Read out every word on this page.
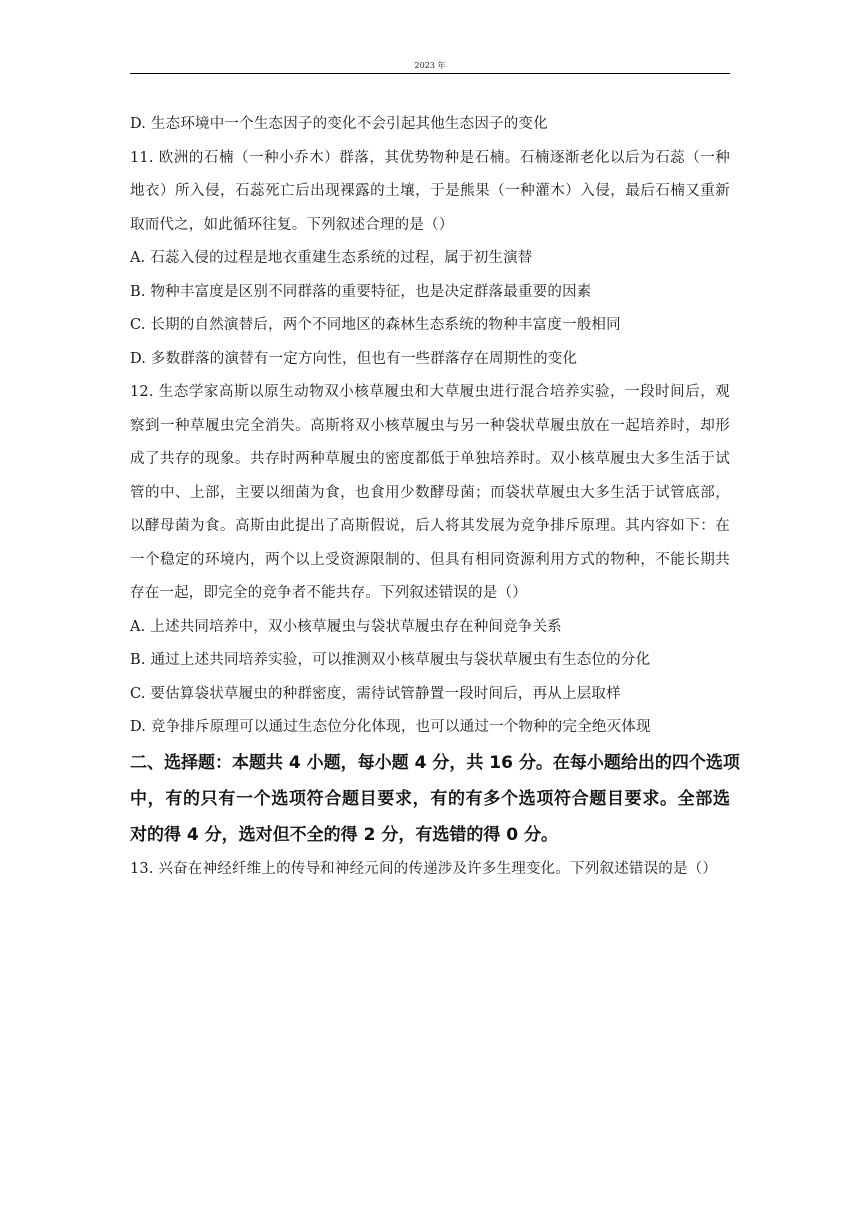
2023 年
D. 生态环境中一个生态因子的变化不会引起其他生态因子的变化
11. 欧洲的石楠（一种小乔木）群落，其优势物种是石楠。石楠逐渐老化以后为石蕊（一种
地衣）所入侵，石蕊死亡后出现裸露的土壤，于是熊果（一种灌木）入侵，最后石楠又重新
取而代之，如此循环往复。下列叙述合理的是（）
A. 石蕊入侵的过程是地衣重建生态系统的过程，属于初生演替
B. 物种丰富度是区别不同群落的重要特征，也是决定群落最重要的因素
C. 长期的自然演替后，两个不同地区的森林生态系统的物种丰富度一般相同
D. 多数群落的演替有一定方向性，但也有一些群落存在周期性的变化
12. 生态学家高斯以原生动物双小核草履虫和大草履虫进行混合培养实验，一段时间后，观
察到一种草履虫完全消失。高斯将双小核草履虫与另一种袋状草履虫放在一起培养时，却形
成了共存的现象。共存时两种草履虫的密度都低于单独培养时。双小核草履虫大多生活于试
管的中、上部，主要以细菌为食，也食用少数酵母菌；而袋状草履虫大多生活于试管底部，
以酵母菌为食。高斯由此提出了高斯假说，后人将其发展为竞争排斥原理。其内容如下：在
一个稳定的环境内，两个以上受资源限制的、但具有相同资源利用方式的物种，不能长期共
存在一起，即完全的竞争者不能共存。下列叙述错误的是（）
A. 上述共同培养中，双小核草履虫与袋状草履虫存在种间竞争关系
B. 通过上述共同培养实验，可以推测双小核草履虫与袋状草履虫有生态位的分化
C. 要估算袋状草履虫的种群密度，需待试管静置一段时间后，再从上层取样
D. 竞争排斥原理可以通过生态位分化体现，也可以通过一个物种的完全绝灭体现
二、选择题：本题共 4 小题，每小题 4 分，共 16 分。在每小题给出的四个选项
中，有的只有一个选项符合题目要求，有的有多个选项符合题目要求。全部选
对的得 4 分，选对但不全的得 2 分，有选错的得 0 分。
13. 兴奋在神经纤维上的传导和神经元间的传递涉及许多生理变化。下列叙述错误的是（）
